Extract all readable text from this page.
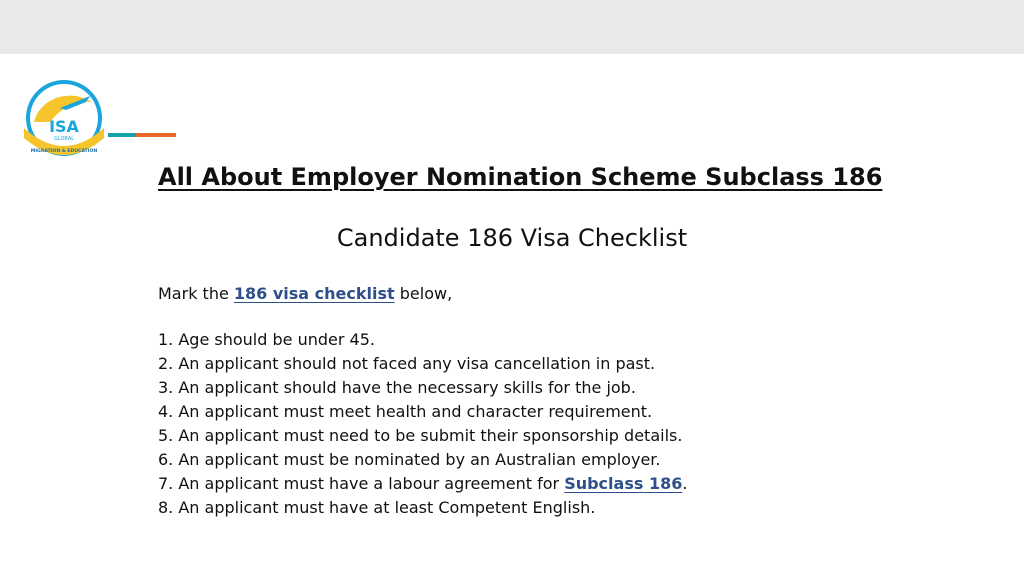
ISA
GLOBAL
MIGRATION & EDUCATION
All About Employer Nomination Scheme Subclass 186
Candidate 186 Visa Checklist
Mark the 186 visa checklist below,
1. Age should be under 45.
2. An applicant should not faced any visa cancellation in past.
3. An applicant should have the necessary skills for the job.
4. An applicant must meet health and character requirement.
5. An applicant must need to be submit their sponsorship details.
6. An applicant must be nominated by an Australian employer.
7. An applicant must have a labour agreement for Subclass 186.
8. An applicant must have at least Competent English.
